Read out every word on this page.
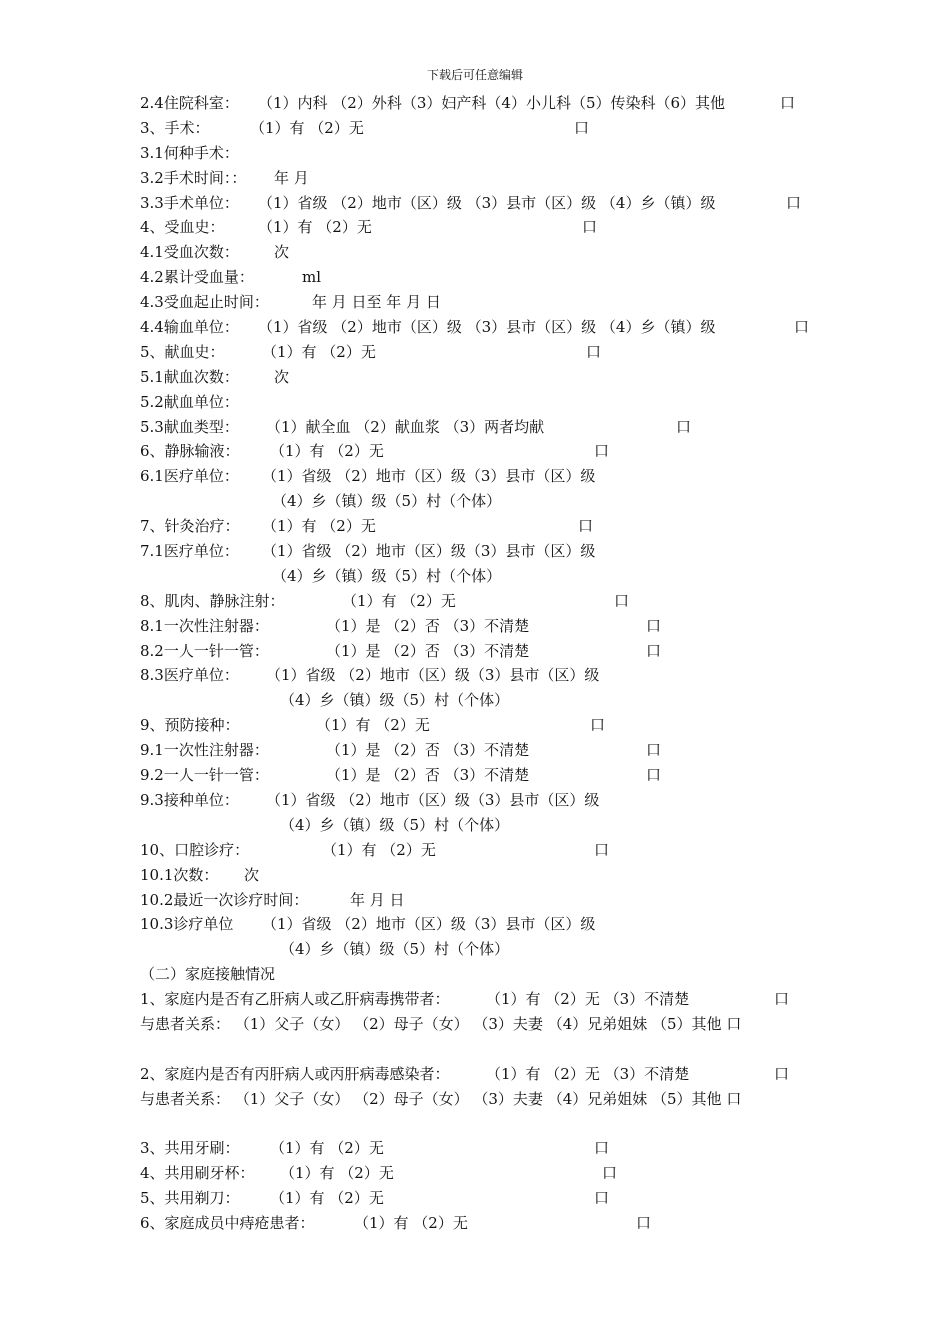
下载后可任意编辑
2.4住院科室： （1）内科 （2）外科（3）妇产科（4）小儿科（5）传染科（6）其他	口
3、手术：	（1）有 （2）无	口
3.1何种手术：
3.2手术时间：： 年 月
3.3手术单位： （1）省级 （2）地市（区）级 （3）县市（区）级 （4）乡（镇）级	口
4、受血史： （1）有 （2）无	口
4.1受血次数： 次
4.2累计受血量：	ml
4.3受血起止时间：	年 月 日至 年 月 日
4.4输血单位： （1）省级 （2）地市（区）级 （3）县市（区）级 （4）乡（镇）级	口
5、献血史： （1）有 （2）无	口
5.1献血次数： 次
5.2献血单位：
5.3献血类型： （1）献全血 （2）献血浆 （3）两者均献	口
6、静脉输液： （1）有 （2）无	口
6.1医疗单位： （1）省级 （2）地市（区）级（3）县市（区）级
（4）乡（镇）级（5）村（个体）
7、针灸治疗： （1）有 （2）无	口
7.1医疗单位： （1）省级 （2）地市（区）级（3）县市（区）级
（4）乡（镇）级（5）村（个体）
8、肌肉、静脉注射：	（1）有 （2）无	口
8.1一次性注射器：	（1）是 （2）否 （3）不清楚	口
8.2一人一针一管：	（1）是 （2）否 （3）不清楚	口
8.3医疗单位： （1）省级 （2）地市（区）级（3）县市（区）级
（4）乡（镇）级（5）村（个体）
9、预防接种：	（1）有 （2）无	口
9.1一次性注射器：	（1）是 （2）否 （3）不清楚	口
9.2一人一针一管：	（1）是 （2）否 （3）不清楚	口
9.3接种单位： （1）省级 （2）地市（区）级（3）县市（区）级
（4）乡（镇）级（5）村（个体）
10、口腔诊疗：	（1）有 （2）无	口
10.1次数： 次
10.2最近一次诊疗时间：	年 月 日
10.3诊疗单位 （1）省级 （2）地市（区）级（3）县市（区）级
（4）乡（镇）级（5）村（个体）
（二）家庭接触情况
1、家庭内是否有乙肝病人或乙肝病毒携带者： （1）有 （2）无 （3）不清楚	口
与患者关系： （1）父子（女） （2）母子（女） （3）夫妻 （4）兄弟姐妹 （5）其他 口
2、家庭内是否有丙肝病人或丙肝病毒感染者： （1）有 （2）无 （3）不清楚	口
与患者关系： （1）父子（女） （2）母子（女） （3）夫妻 （4）兄弟姐妹 （5）其他 口
3、共用牙刷： （1）有 （2）无	口
4、共用刷牙杯： （1）有 （2）无	口
5、共用剃刀： （1）有 （2）无	口
6、家庭成员中痔疮患者：	（1）有 （2）无	口
